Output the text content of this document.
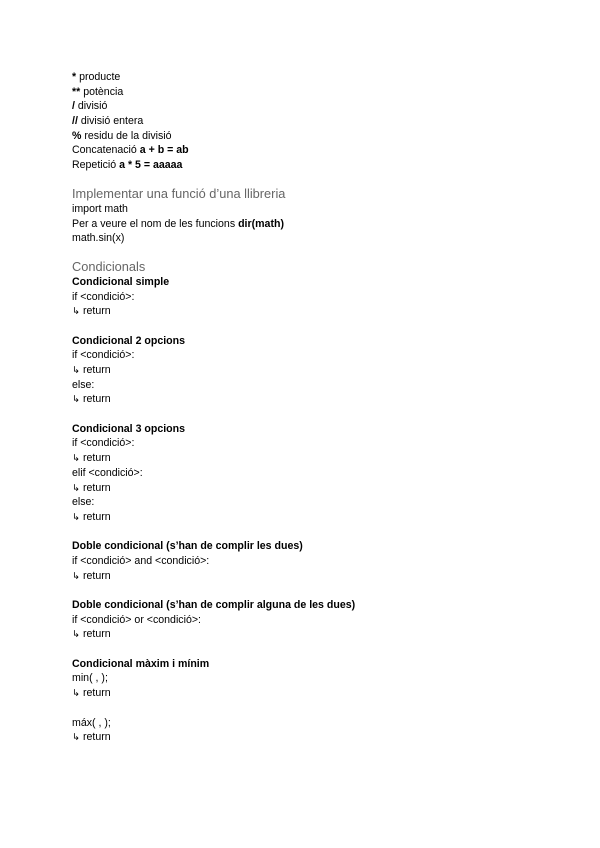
* producte
** potència
/ divisió
// divisió entera
% residu de la divisió
Concatenació a + b = ab
Repetició a * 5 = aaaaa
Implementar una funció d’una llibreria
import math
Per a veure el nom de les funcions dir(math)
math.sin(x)
Condicionals
Condicional simple
if <condició>:
↳ return
Condicional 2 opcions
if <condició>:
↳ return
else:
↳ return
Condicional 3 opcions
if <condició>:
↳ return
elif <condició>:
↳ return
else:
↳ return
Doble condicional (s’han de complir les dues)
if <condició> and <condició>:
↳ return
Doble condicional (s’han de complir alguna de les dues)
if <condició> or <condició>:
↳ return
Condicional màxim i mínim
min( , );
↳ return
máx( , );
↳ return
